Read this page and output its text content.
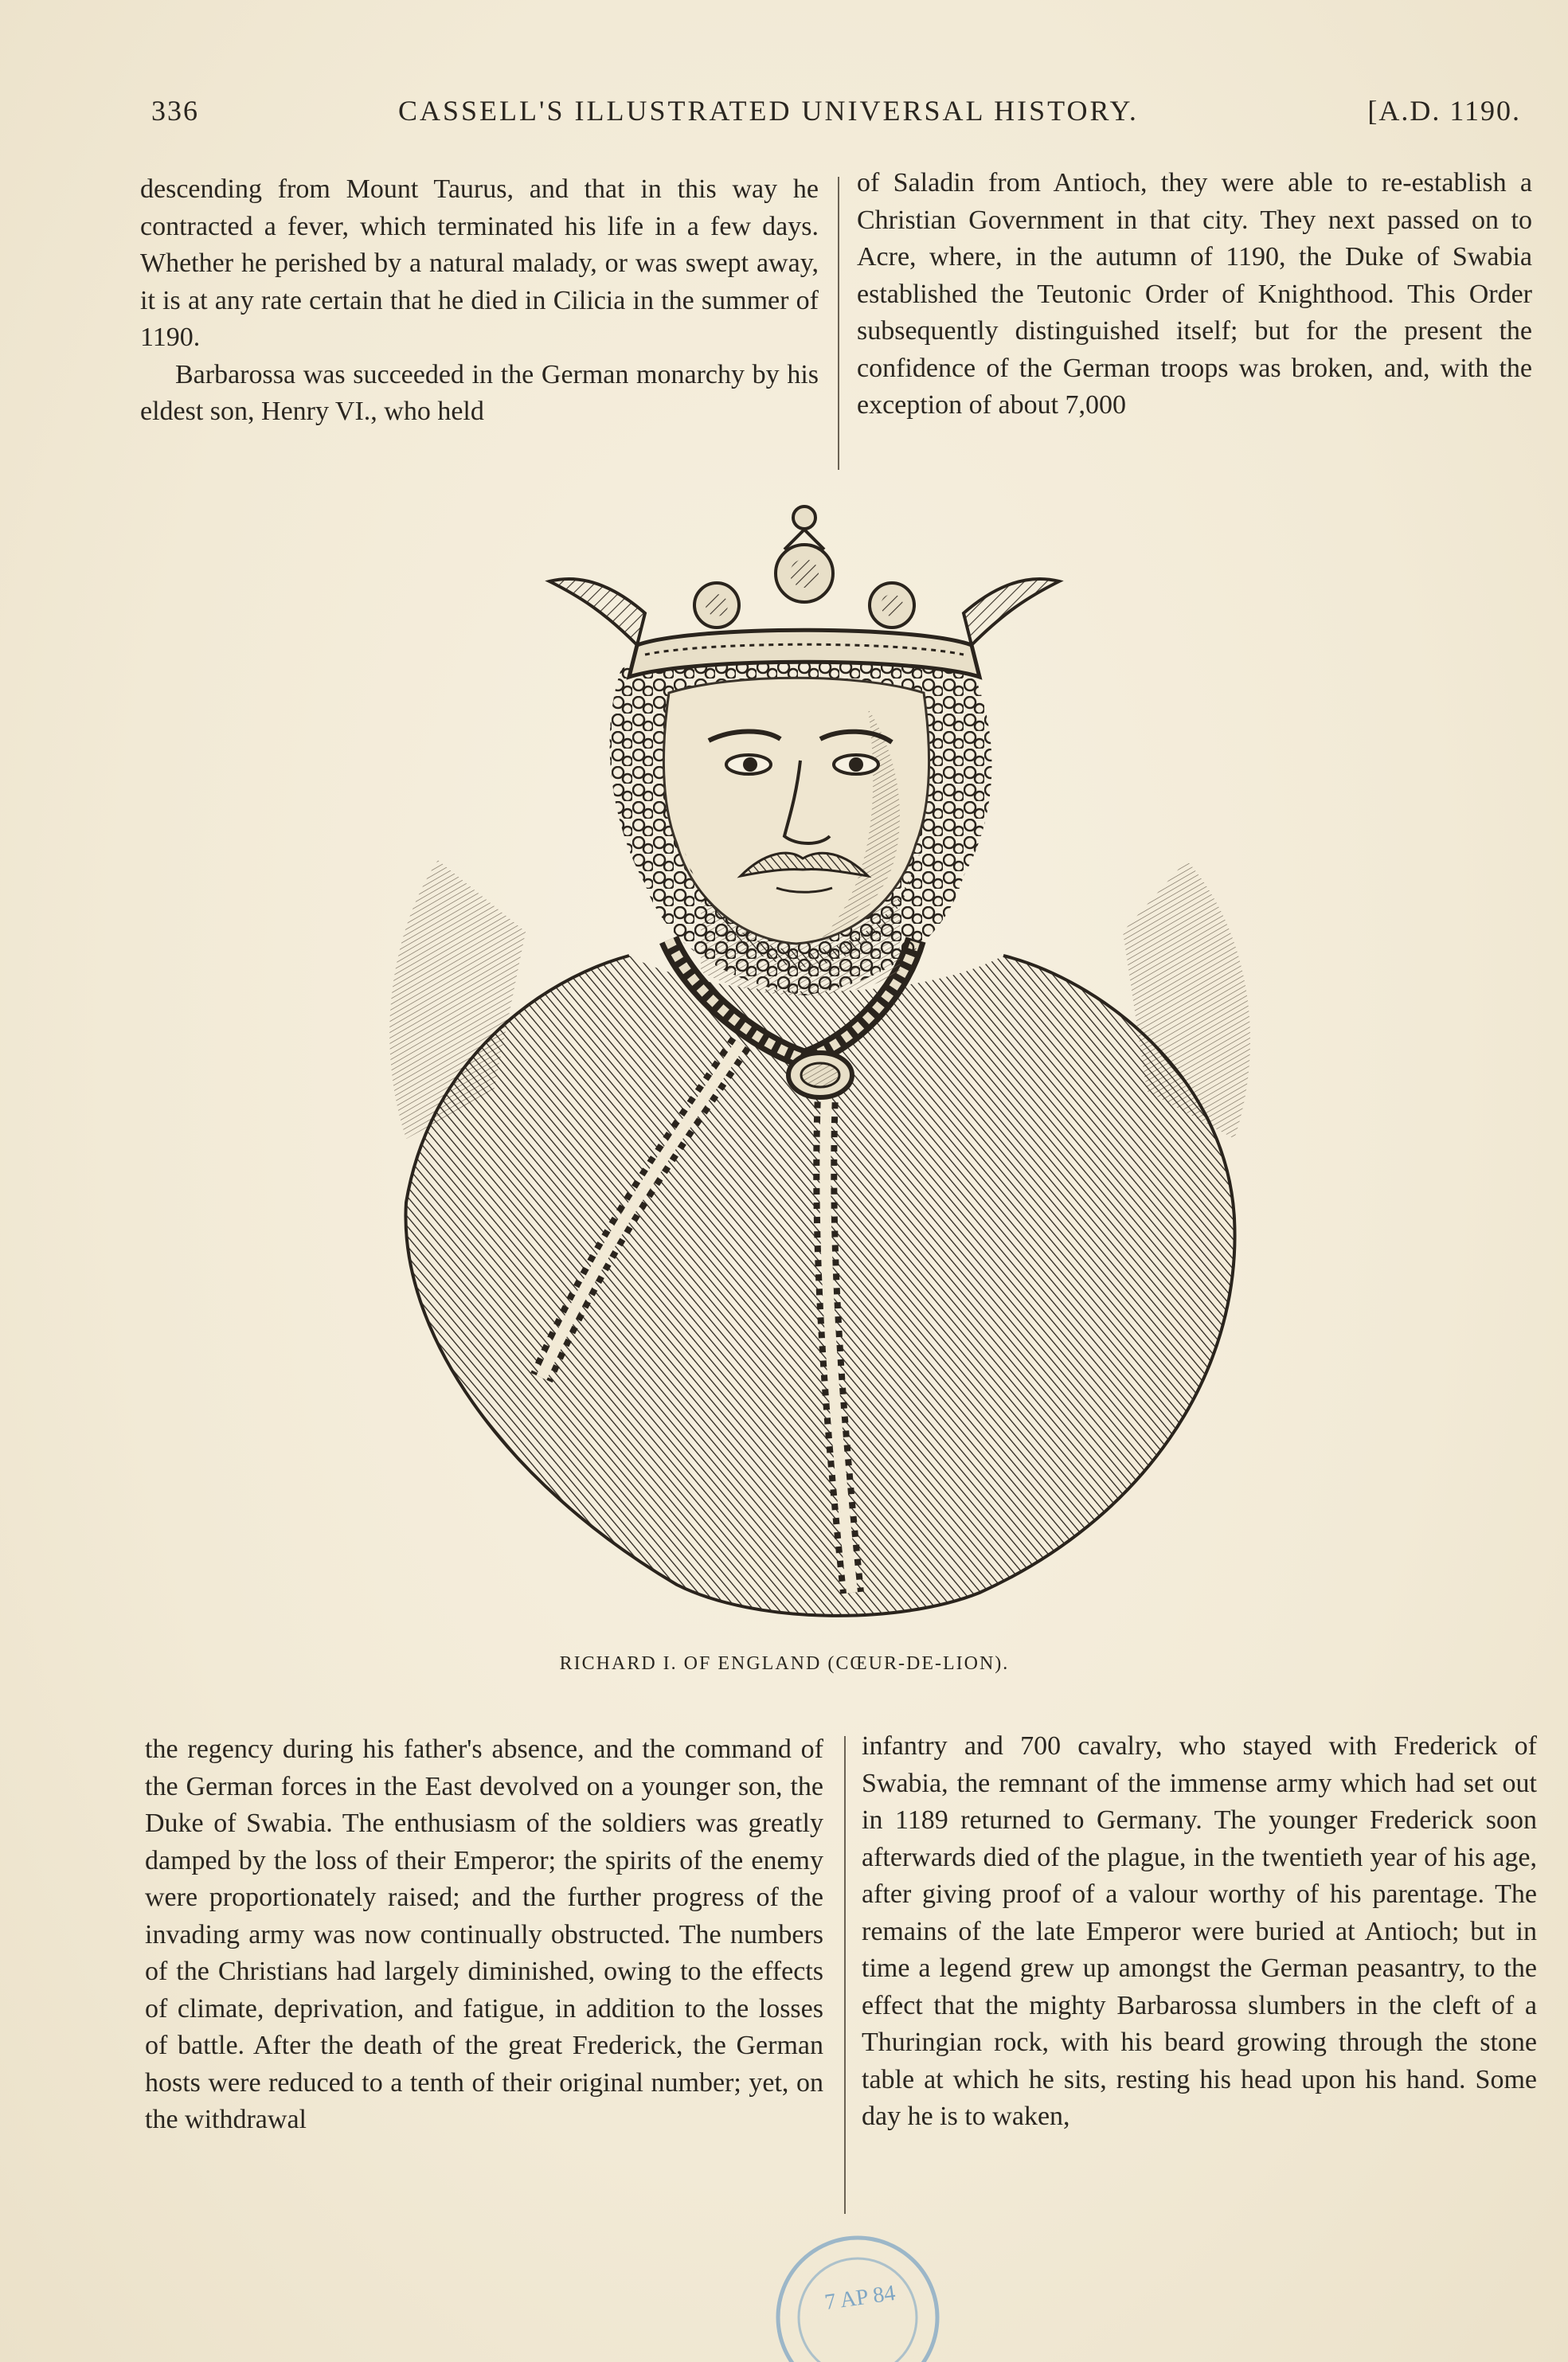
336	CASSELL'S ILLUSTRATED UNIVERSAL HISTORY.	[A.D. 1190.

descending from Mount Taurus, and that in this way he contracted a fever, which terminated his life in a few days. Whether he perished by a natural malady, or was swept away, it is at any rate certain that he died in Cilicia in the summer of 1190.

Barbarossa was succeeded in the German monarchy by his eldest son, Henry VI., who held

of Saladin from Antioch, they were able to re-establish a Christian Government in that city. They next passed on to Acre, where, in the autumn of 1190, the Duke of Swabia established the Teutonic Order of Knighthood. This Order subsequently distinguished itself; but for the present the confidence of the German troops was broken, and, with the exception of about 7,000

RICHARD I. OF ENGLAND (CŒUR-DE-LION).

the regency during his father's absence, and the command of the German forces in the East devolved on a younger son, the Duke of Swabia. The enthusiasm of the soldiers was greatly damped by the loss of their Emperor; the spirits of the enemy were proportionately raised; and the further progress of the invading army was now continually obstructed. The numbers of the Christians had largely diminished, owing to the effects of climate, deprivation, and fatigue, in addition to the losses of battle. After the death of the great Frederick, the German hosts were reduced to a tenth of their original number; yet, on the withdrawal

infantry and 700 cavalry, who stayed with Frederick of Swabia, the remnant of the immense army which had set out in 1189 returned to Germany. The younger Frederick soon afterwards died of the plague, in the twentieth year of his age, after giving proof of a valour worthy of his parentage. The remains of the late Emperor were buried at Antioch; but in time a legend grew up amongst the German peasantry, to the effect that the mighty Barbarossa slumbers in the cleft of a Thuringian rock, with his beard growing through the stone table at which he sits, resting his head upon his hand. Some day he is to waken,

7 AP 84
